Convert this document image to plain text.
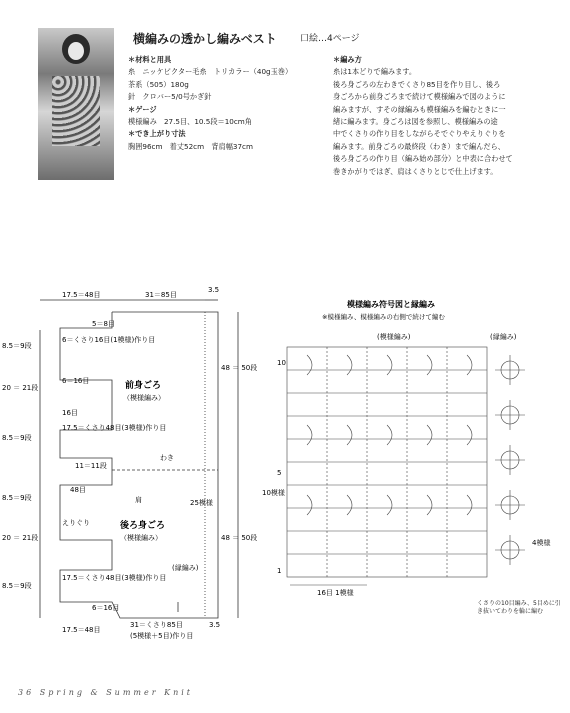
横編みの透かし編みベスト	口絵…4ページ
＊材料と用具
糸　ニッケビクター毛糸　トリカラー（40g玉巻）
茶系（505）180g
針　クロバー5/0号かぎ針
＊ゲージ
模様編み　27.5目、10.5段＝10cm角
＊でき上がり寸法
胸囲96cm　着丈52cm　背肩幅37cm
＊編み方
糸は1本どりで編みます。
後ろ身ごろの左わきでくさり85目を作り目し、後ろ
身ごろから前身ごろまで続けて模様編みで図のように
編みますが、すその縁編みも模様編みを編むときに一
緒に編みます。身ごろは図を参照し、模様編みの途
中でくさりの作り目をしながらそでぐりやえりぐりを
編みます。前身ごろの最終段（わき）まで編んだら、
後ろ身ごろの作り目（編み始め部分）と中表に合わせて
巻きかがりではぎ、肩はくさりとじで仕上げます。
17.5＝48目	31＝85目
3.5
前身ごろ
（模様編み）
後ろ身ごろ
（模様編み）
8.5＝9段
20 ＝ 21段
8.5＝9段
11＝11段
8.5＝9段
20 ＝ 21段
8.5＝9段
5＝8目
6＝くさり16目(1模様)作り目
6＝16目
16目
17.5＝くさり48目(3模様)作り目
48目
17.5＝くさり48目(3模様)作り目
6＝16目
わき
肩
えりぐり
(縁編み)
25模様
48 ＝ 50段
48 ＝ 50段
17.5＝48目
31＝くさり85目
(5模様＋5目)作り目
3.5
模様編み符号図と縁編み
※模様編み、模様編みの右側で続けて編む
(模様編み)	(縁編み)
10模様
4模様
16目 1模様
10
5
1
くさりの10目編み、5目めに引き抜いてわりを輪に編む
36 Spring & Summer Knit
